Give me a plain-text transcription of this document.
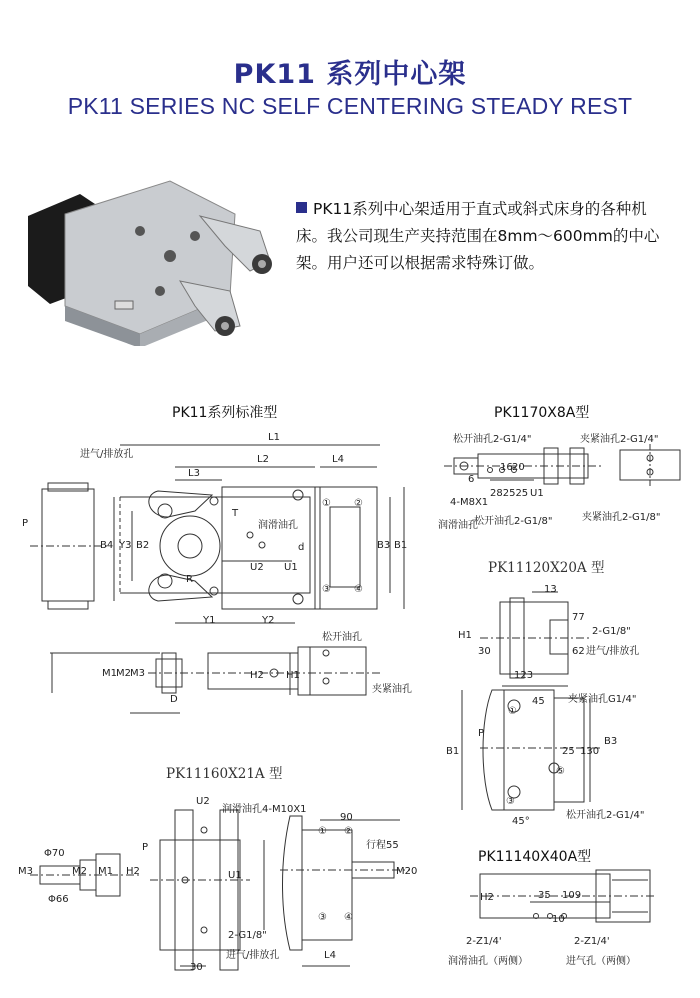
PK11 系列中心架
PK11 SERIES NC SELF CENTERING STEADY REST
PK11系列中心架适用于直式或斜式床身的各种机床。我公司现生产夹持范围在8mm～600mm的中心架。用户还可以根据需求特殊订做。
PK11系列标准型
L1
L2	L4
L3
进气/排放孔
P
B4 Y3 B2
T
润滑油孔
U2 U1
d
R
Y1	Y2
B3 B1
① ②
③ ④
松开油孔
夹紧油孔
M1 M2 M3
D
H2 H1
PK1170X8A型
松开油孔2-G1/4"	夹紧油孔2-G1/4"
6
16 20
282525 U1
4-M8X1
润滑油孔
松开油孔2-G1/8"	夹紧油孔2-G1/8"
PK11120X20A 型
13
H1
30
77
62
2-G1/8"
进气/排放孔
123
夹紧油孔G1/4"
45
①
P
B1	25 130
B3
⑤
③
松开油孔2-G1/4"
45°
PK11160X21A 型
Φ70
Φ66
M3	M2 M1 H2
P
U2
润滑油孔4-M10X1
U1
90
① ②
行程55
M20
③ ④
2-G1/8"
进气/排放孔
30
L4
PK11140X40A型
H2	35 109
10
2-Z1/4'	2-Z1/4'
润滑油孔（两侧）	进气孔（两侧）
